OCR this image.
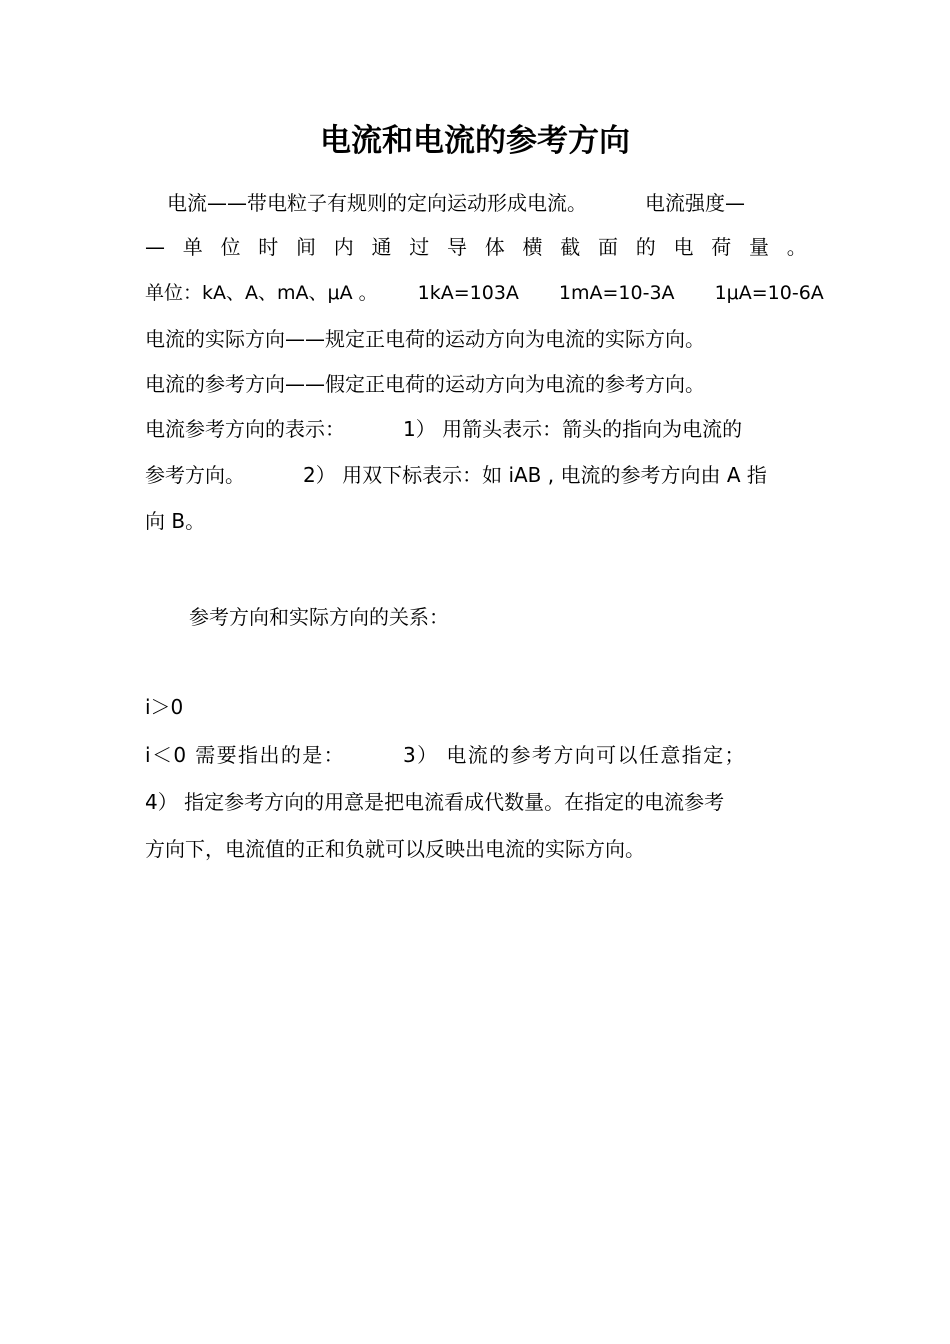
电流和电流的参考方向
电流——带电粒子有规则的定向运动形成电流。	电流强度—
— 单 位 时 间 内 通 过 导 体 横 截 面 的 电 荷 量 。
单位：kA、A、mA、μA 。 1kA=103A 1mA=10-3A 1μA=10-6A
电流的实际方向——规定正电荷的运动方向为电流的实际方向。
电流的参考方向——假定正电荷的运动方向为电流的参考方向。
电流参考方向的表示：	1） 用箭头表示：箭头的指向为电流的
参考方向。	2） 用双下标表示：如 iAB , 电流的参考方向由 A 指
向 B。
参考方向和实际方向的关系：
i＞0
i＜0 需要指出的是：	3） 电流的参考方向可以任意指定；
4） 指定参考方向的用意是把电流看成代数量。在指定的电流参考
方向下，电流值的正和负就可以反映出电流的实际方向。
